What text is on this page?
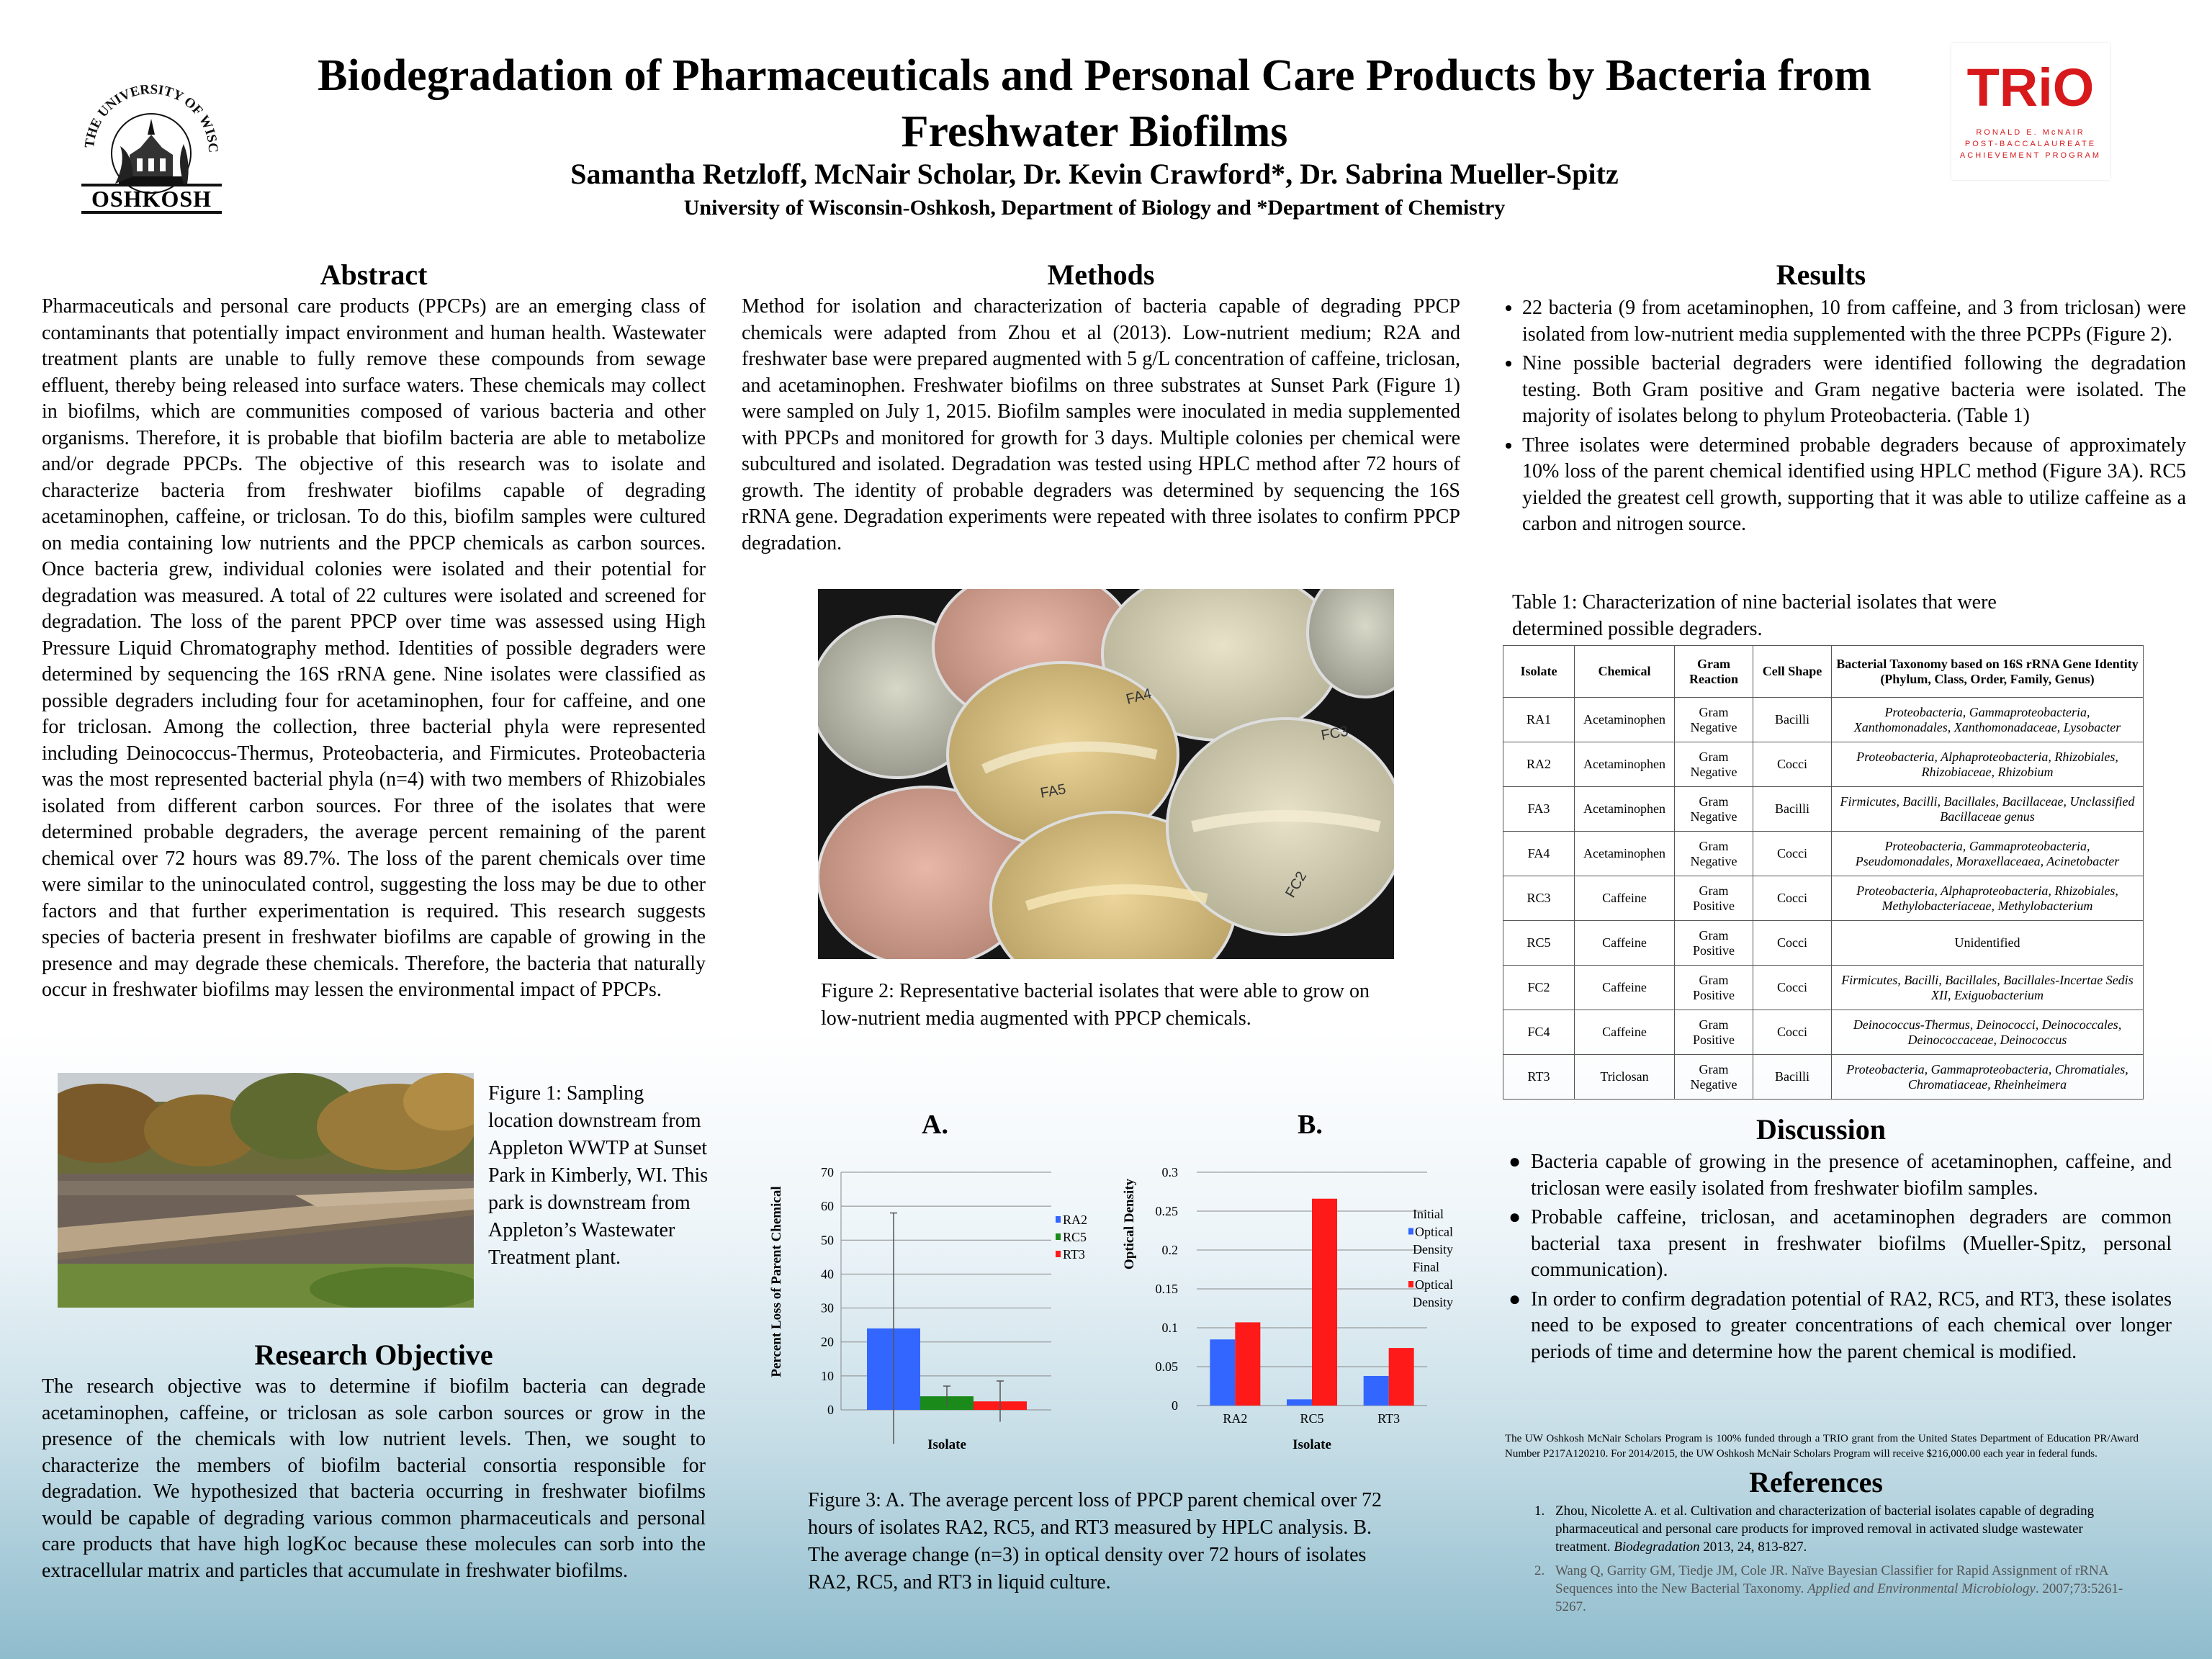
THE UNIVERSITY OF WISC
OSHKOSH
Biodegradation of Pharmaceuticals and Personal Care Products by Bacteria from
Freshwater Biofilms
Samantha Retzloff, McNair Scholar, Dr. Kevin Crawford*, Dr. Sabrina Mueller-Spitz
University of Wisconsin-Oshkosh, Department of Biology and *Department of Chemistry
TRiO
RONALD E. McNAIR
POST-BACCALAUREATE
ACHIEVEMENT PROGRAM
Abstract
Pharmaceuticals and personal care products (PPCPs) are an emerging class of contaminants that potentially impact environment and human health. Wastewater treatment plants are unable to fully remove these compounds from sewage effluent, thereby being released into surface waters. These chemicals may collect in biofilms, which are communities composed of various bacteria and other organisms. Therefore, it is probable that biofilm bacteria are able to metabolize and/or degrade PPCPs. The objective of this research was to isolate and characterize bacteria from freshwater biofilms capable of degrading acetaminophen, caffeine, or triclosan. To do this, biofilm samples were cultured on media containing low nutrients and the PPCP chemicals as carbon sources. Once bacteria grew, individual colonies were isolated and their potential for degradation was measured. A total of 22 cultures were isolated and screened for degradation. The loss of the parent PPCP over time was assessed using High Pressure Liquid Chromatography method. Identities of possible degraders were determined by sequencing the 16S rRNA gene. Nine isolates were classified as possible degraders including four for acetaminophen, four for caffeine, and one for triclosan. Among the collection, three bacterial phyla were represented including Deinococcus-Thermus, Proteobacteria, and Firmicutes. Proteobacteria was the most represented bacterial phyla (n=4) with two members of Rhizobiales isolated from different carbon sources. For three of the isolates that were determined probable degraders, the average percent remaining of the parent chemical over 72 hours was 89.7%. The loss of the parent chemicals over time were similar to the uninoculated control, suggesting the loss may be due to other factors and that further experimentation is required. This research suggests species of bacteria present in freshwater biofilms are capable of growing in the presence and may degrade these chemicals. Therefore, the bacteria that naturally occur in freshwater biofilms may lessen the environmental impact of PPCPs.
Figure 1: Sampling location downstream from Appleton WWTP at Sunset Park in Kimberly, WI. This park is downstream from Appleton’s Wastewater Treatment plant.
Research Objective
The research objective was to determine if biofilm bacteria can degrade acetaminophen, caffeine, or triclosan as sole carbon sources or grow in the presence of the chemicals with low nutrient levels. Then, we sought to characterize the members of biofilm bacterial consortia responsible for degradation. We hypothesized that bacteria occurring in freshwater biofilms would be capable of degrading various common pharmaceuticals and personal care products that have high logKoc because these molecules can sorb into the extracellular matrix and particles that accumulate in freshwater biofilms.
Methods
Method for isolation and characterization of bacteria capable of degrading PPCP chemicals were adapted from Zhou et al (2013). Low-nutrient medium; R2A and freshwater base were prepared augmented with 5 g/L concentration of caffeine, triclosan, and acetaminophen. Freshwater biofilms on three substrates at Sunset Park (Figure 1) were sampled on July 1, 2015. Biofilm samples were inoculated in media supplemented with PPCPs and monitored for growth for 3 days. Multiple colonies per chemical were subcultured and isolated. Degradation was tested using HPLC method after 72 hours of growth. The identity of probable degraders was determined by sequencing the 16S rRNA gene. Degradation experiments were repeated with three isolates to confirm PPCP degradation.
FA4
FA5
FC2
FC3
Figure 2: Representative bacterial isolates that were able to grow on low-nutrient media augmented with PPCP chemicals.
A.	B.
0
10
20
30
40
50
60
70
RA2
RC5
RT3
Percent Loss of Parent Chemical
Isolate
0
0.05
0.1
0.15
0.2
0.25
0.3
RA2	RC5	RT3
Initial
Optical
Density
Final
Optical
Density
Optical Density
Isolate
Figure 3: A. The average percent loss of PPCP parent chemical over 72 hours of isolates RA2, RC5, and RT3 measured by HPLC analysis. B. The average change (n=3) in optical density over 72 hours of isolates RA2, RC5, and RT3 in liquid culture.
Results
• 22 bacteria (9 from acetaminophen, 10 from caffeine, and 3 from triclosan) were isolated from low-nutrient media supplemented with the three PCPPs (Figure 2).
• Nine possible bacterial degraders were identified following the degradation testing. Both Gram positive and Gram negative bacteria were isolated. The majority of isolates belong to phylum Proteobacteria. (Table 1)
• Three isolates were determined probable degraders because of approximately 10% loss of the parent chemical identified using HPLC method (Figure 3A). RC5 yielded the greatest cell growth, supporting that it was able to utilize caffeine as a carbon and nitrogen source.
Table 1: Characterization of nine bacterial isolates that were determined possible degraders.
Isolate	Chemical	Gram Reaction	Cell Shape	Bacterial Taxonomy based on 16S rRNA Gene Identity (Phylum, Class, Order, Family, Genus)
RA1	Acetaminophen	Gram Negative	Bacilli	Proteobacteria, Gammaproteobacteria, Xanthomonadales, Xanthomonadaceae, Lysobacter
RA2	Acetaminophen	Gram Negative	Cocci	Proteobacteria, Alphaproteobacteria, Rhizobiales, Rhizobiaceae, Rhizobium
FA3	Acetaminophen	Gram Negative	Bacilli	Firmicutes, Bacilli, Bacillales, Bacillaceae, Unclassified Bacillaceae genus
FA4	Acetaminophen	Gram Negative	Cocci	Proteobacteria, Gammaproteobacteria, Pseudomonadales, Moraxellaceaea, Acinetobacter
RC3	Caffeine	Gram Positive	Cocci	Proteobacteria, Alphaproteobacteria, Rhizobiales, Methylobacteriaceae, Methylobacterium
RC5	Caffeine	Gram Positive	Cocci	Unidentified
FC2	Caffeine	Gram Positive	Cocci	Firmicutes, Bacilli, Bacillales, Bacillales-Incertae Sedis XII, Exiguobacterium
FC4	Caffeine	Gram Positive	Cocci	Deinococcus-Thermus, Deinococci, Deinococcales, Deinococcaceae, Deinococcus
RT3	Triclosan	Gram Negative	Bacilli	Proteobacteria, Gammaproteobacteria, Chromatiales, Chromatiaceae, Rheinheimera
Discussion
● Bacteria capable of growing in the presence of acetaminophen, caffeine, and triclosan were easily isolated from freshwater biofilm samples.
● Probable caffeine, triclosan, and acetaminophen degraders are common bacterial taxa present in freshwater biofilms (Mueller-Spitz, personal communication).
● In order to confirm degradation potential of RA2, RC5, and RT3, these isolates need to be exposed to greater concentrations of each chemical over longer periods of time and determine how the parent chemical is modified.
The UW Oshkosh McNair Scholars Program is 100% funded through a TRIO grant from the United States Department of Education PR/Award Number P217A120210. For 2014/2015, the UW Oshkosh McNair Scholars Program will receive $216,000.00 each year in federal funds.
References
1. Zhou, Nicolette A. et al. Cultivation and characterization of bacterial isolates capable of degrading pharmaceutical and personal care products for improved removal in activated sludge wastewater treatment. Biodegradation 2013, 24, 813-827.
2. Wang Q, Garrity GM, Tiedje JM, Cole JR. Naïve Bayesian Classifier for Rapid Assignment of rRNA Sequences into the New Bacterial Taxonomy. Applied and Environmental Microbiology. 2007;73:5261-5267.
